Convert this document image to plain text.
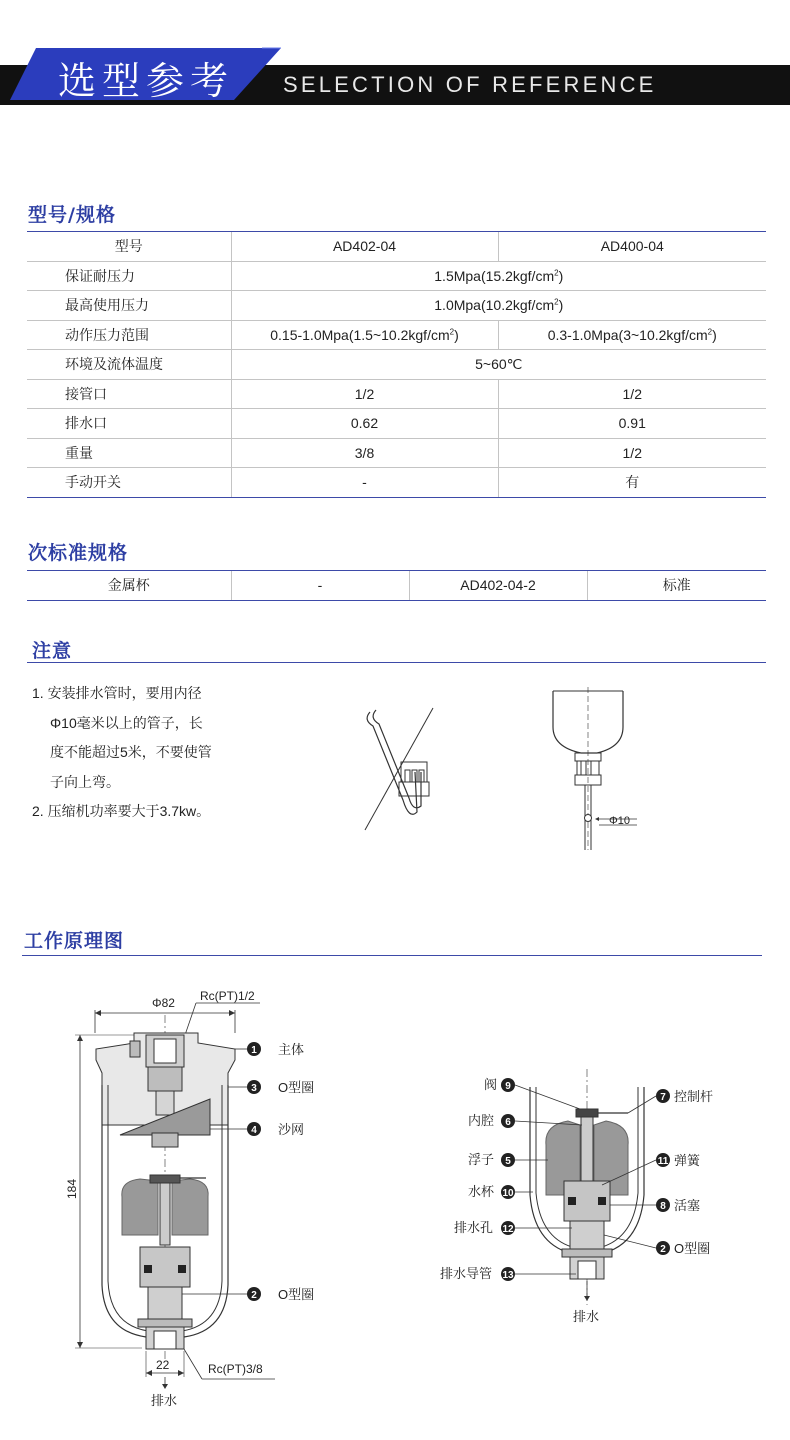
选型参考 SELECTION OF REFERENCE
型号/规格
型号	AD402-04	AD400-04
保证耐压力	$1.5Mpa(15.2kgf/cm^2)$	
最高使用压力	$1.0Mpa(10.2kgf/cm^2)$	
动作压力范围	$0.15-1.0Mpa(1.5\sim 10.2kgf/cm^2)$	$0.3-1.0Mpa(3\sim 10.2kgf/cm^2)$
环境及流体温度	5~60℃	
接管口	1/2	1/2
排水口	0.62	0.91
重量	3/8	1/2
手动开关	-	有
次标准规格
金属杯	-	AD402-04-2	标准
注意
1. 安装排水管时，要用内径
Φ10毫米以上的管子，长
度不能超过5米，不要使管
子向上弯。
2. 压缩机功率要大于3.7kw。
Φ10
工作原理图
Φ82 Rc(PT)1/2
184
22	Rc(PT)3/8
排水
1 主体
3 O型圈
4 沙网
2 O型圈
排水
阀 9
内腔 6
浮子 5
水杯 10
排水孔 12
排水导管 13
7 控制杆
11 弹簧
8 活塞
2 O型圈
